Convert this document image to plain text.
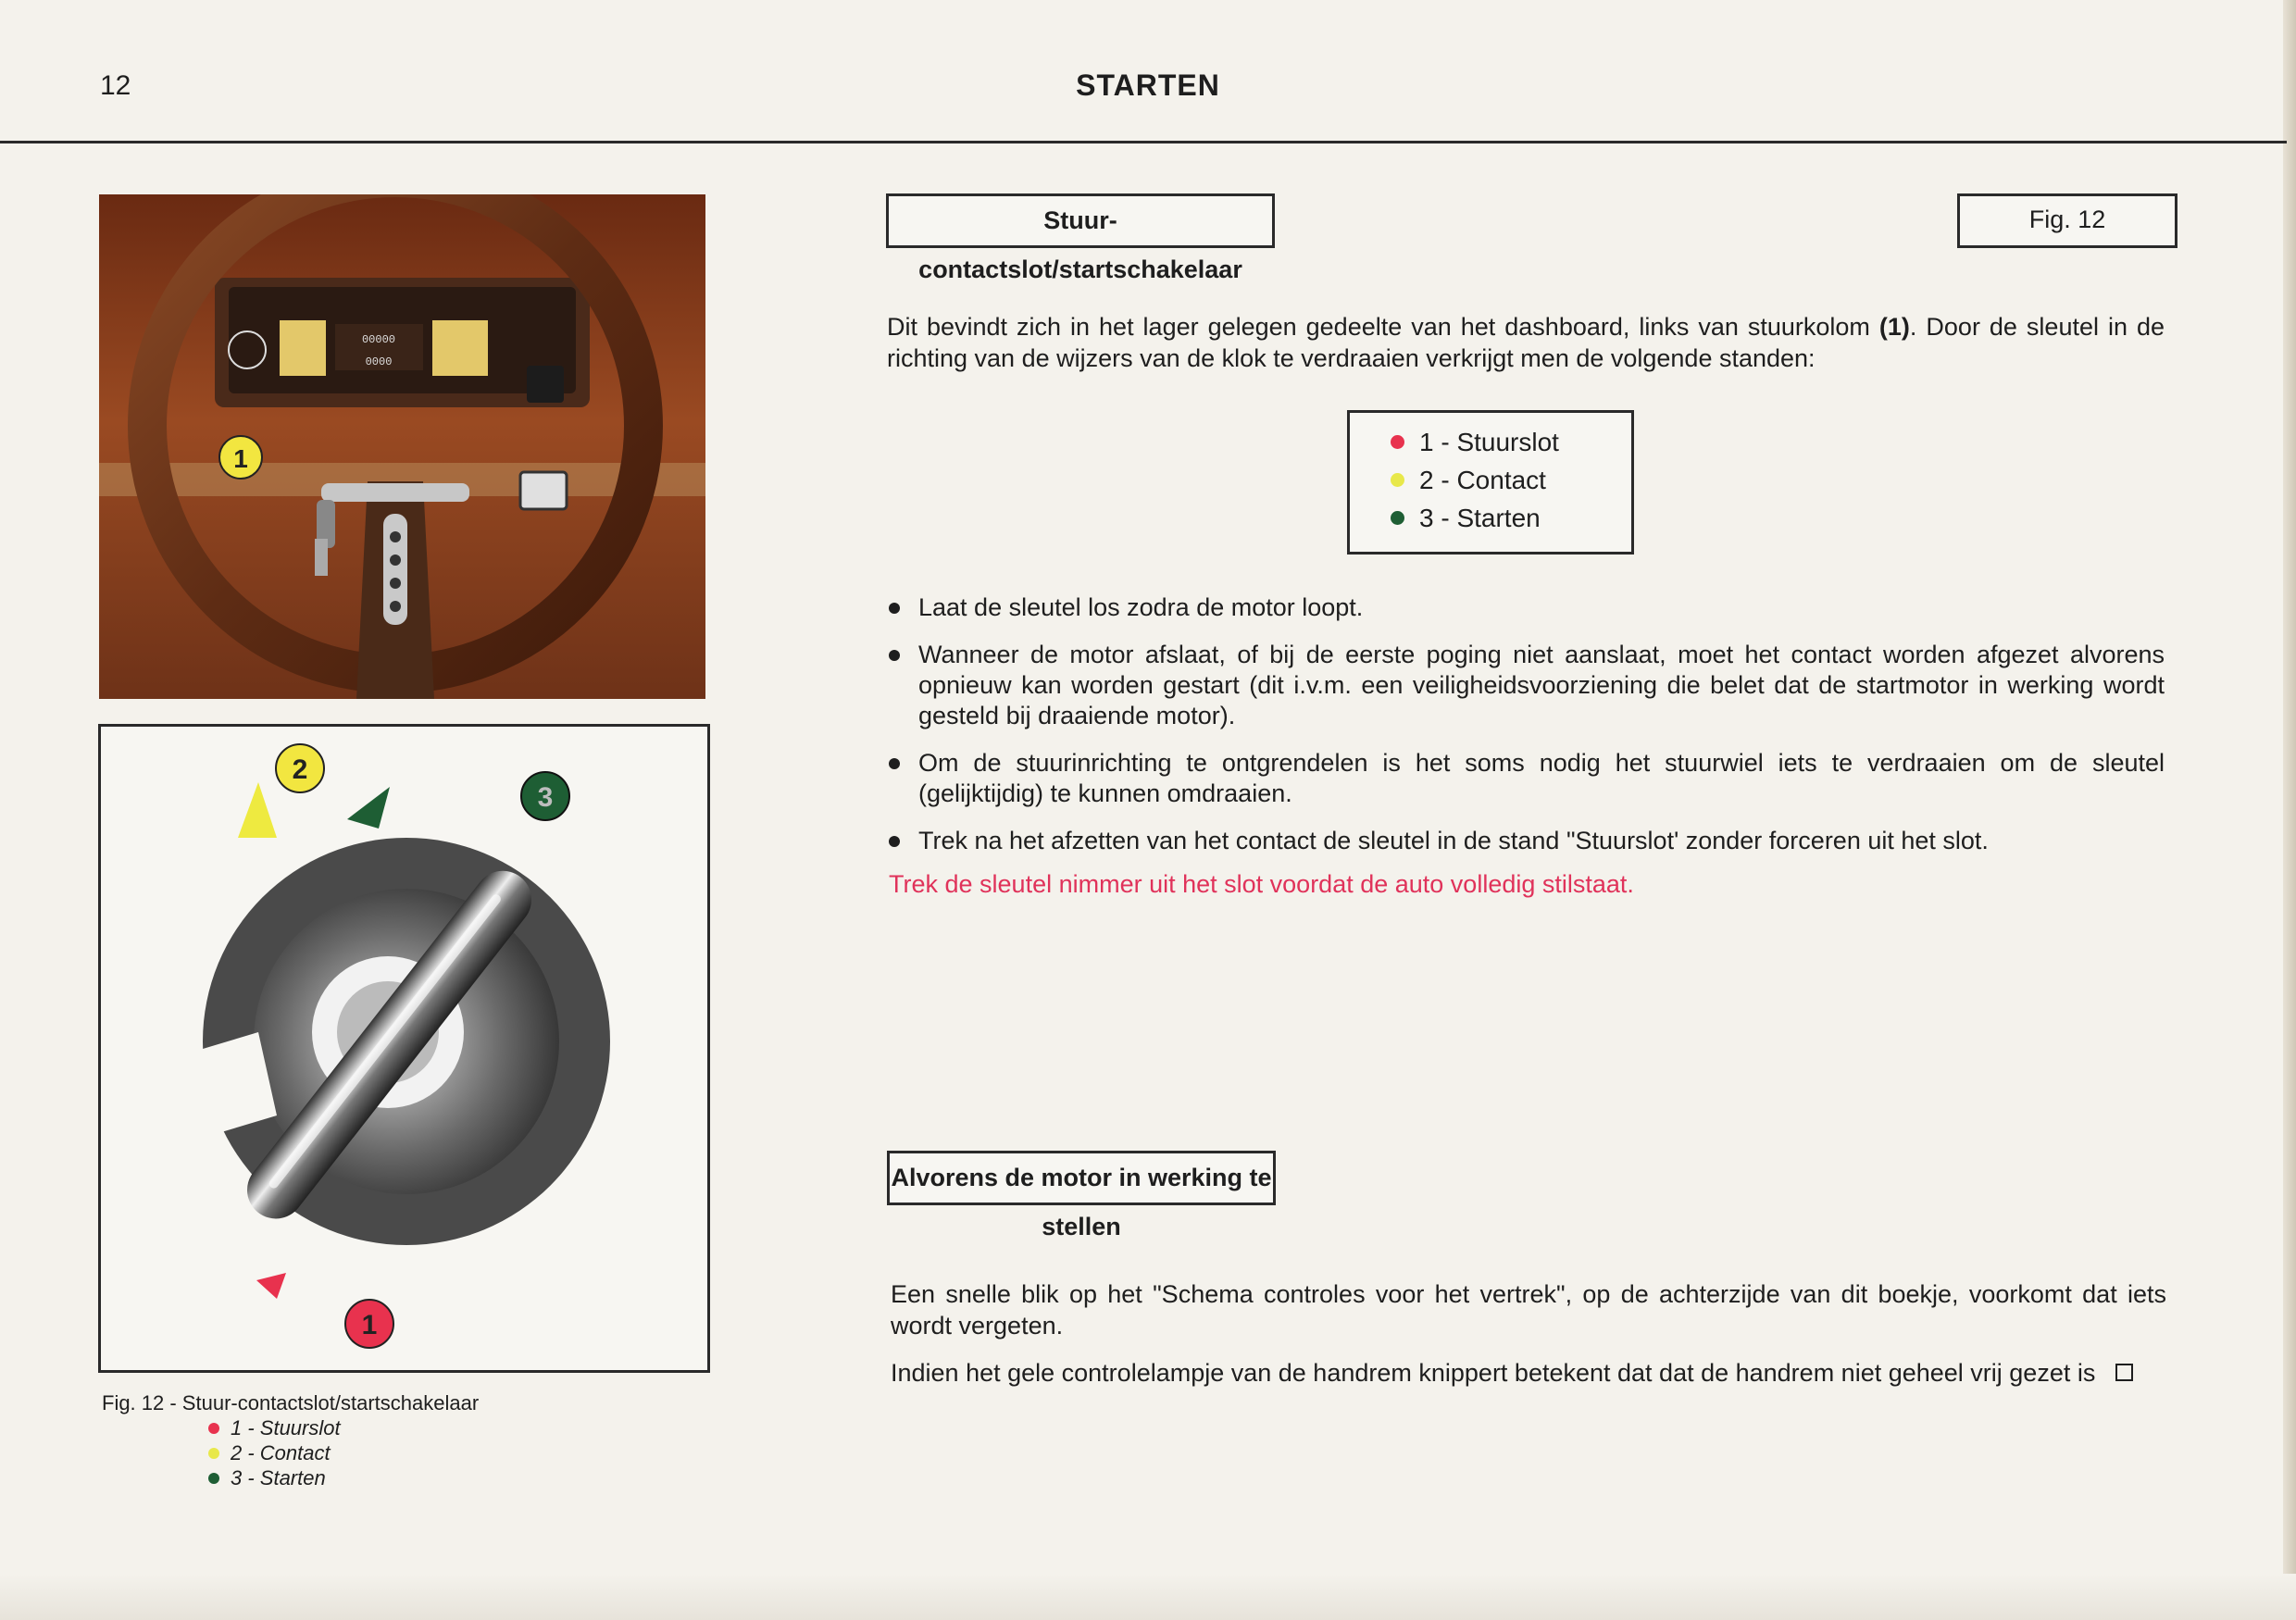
12	STARTEN
00000
0000
1
2
3
1
Fig. 12 - Stuur-contactslot/startschakelaar
1 - Stuurslot
2 - Contact
3 - Starten
Stuur-contactslot/startschakelaar
Fig. 12
Dit bevindt zich in het lager gelegen gedeelte van het dashboard, links van stuurkolom (1). Door de sleutel in de richting van de wijzers van de klok te verdraaien verkrijgt men de volgende standen:
1 - Stuurslot
2 - Contact
3 - Starten
Laat de sleutel los zodra de motor loopt.
Wanneer de motor afslaat, of bij de eerste poging niet aanslaat, moet het contact worden afgezet alvorens opnieuw kan worden gestart (dit i.v.m. een veiligheidsvoorziening die belet dat de startmotor in werking wordt gesteld bij draaiende motor).
Om de stuurinrichting te ontgrendelen is het soms nodig het stuurwiel iets te verdraaien om de sleutel (gelijktijdig) te kunnen omdraaien.
Trek na het afzetten van het contact de sleutel in de stand "Stuurslot' zonder forceren uit het slot.
Trek de sleutel nimmer uit het slot voordat de auto volledig stilstaat.
Alvorens de motor in werking te stellen
Een snelle blik op het "Schema controles voor het vertrek", op de achterzijde van dit boekje, voorkomt dat iets wordt vergeten.
Indien het gele controlelampje van de handrem knippert betekent dat dat de handrem niet geheel vrij gezet is
